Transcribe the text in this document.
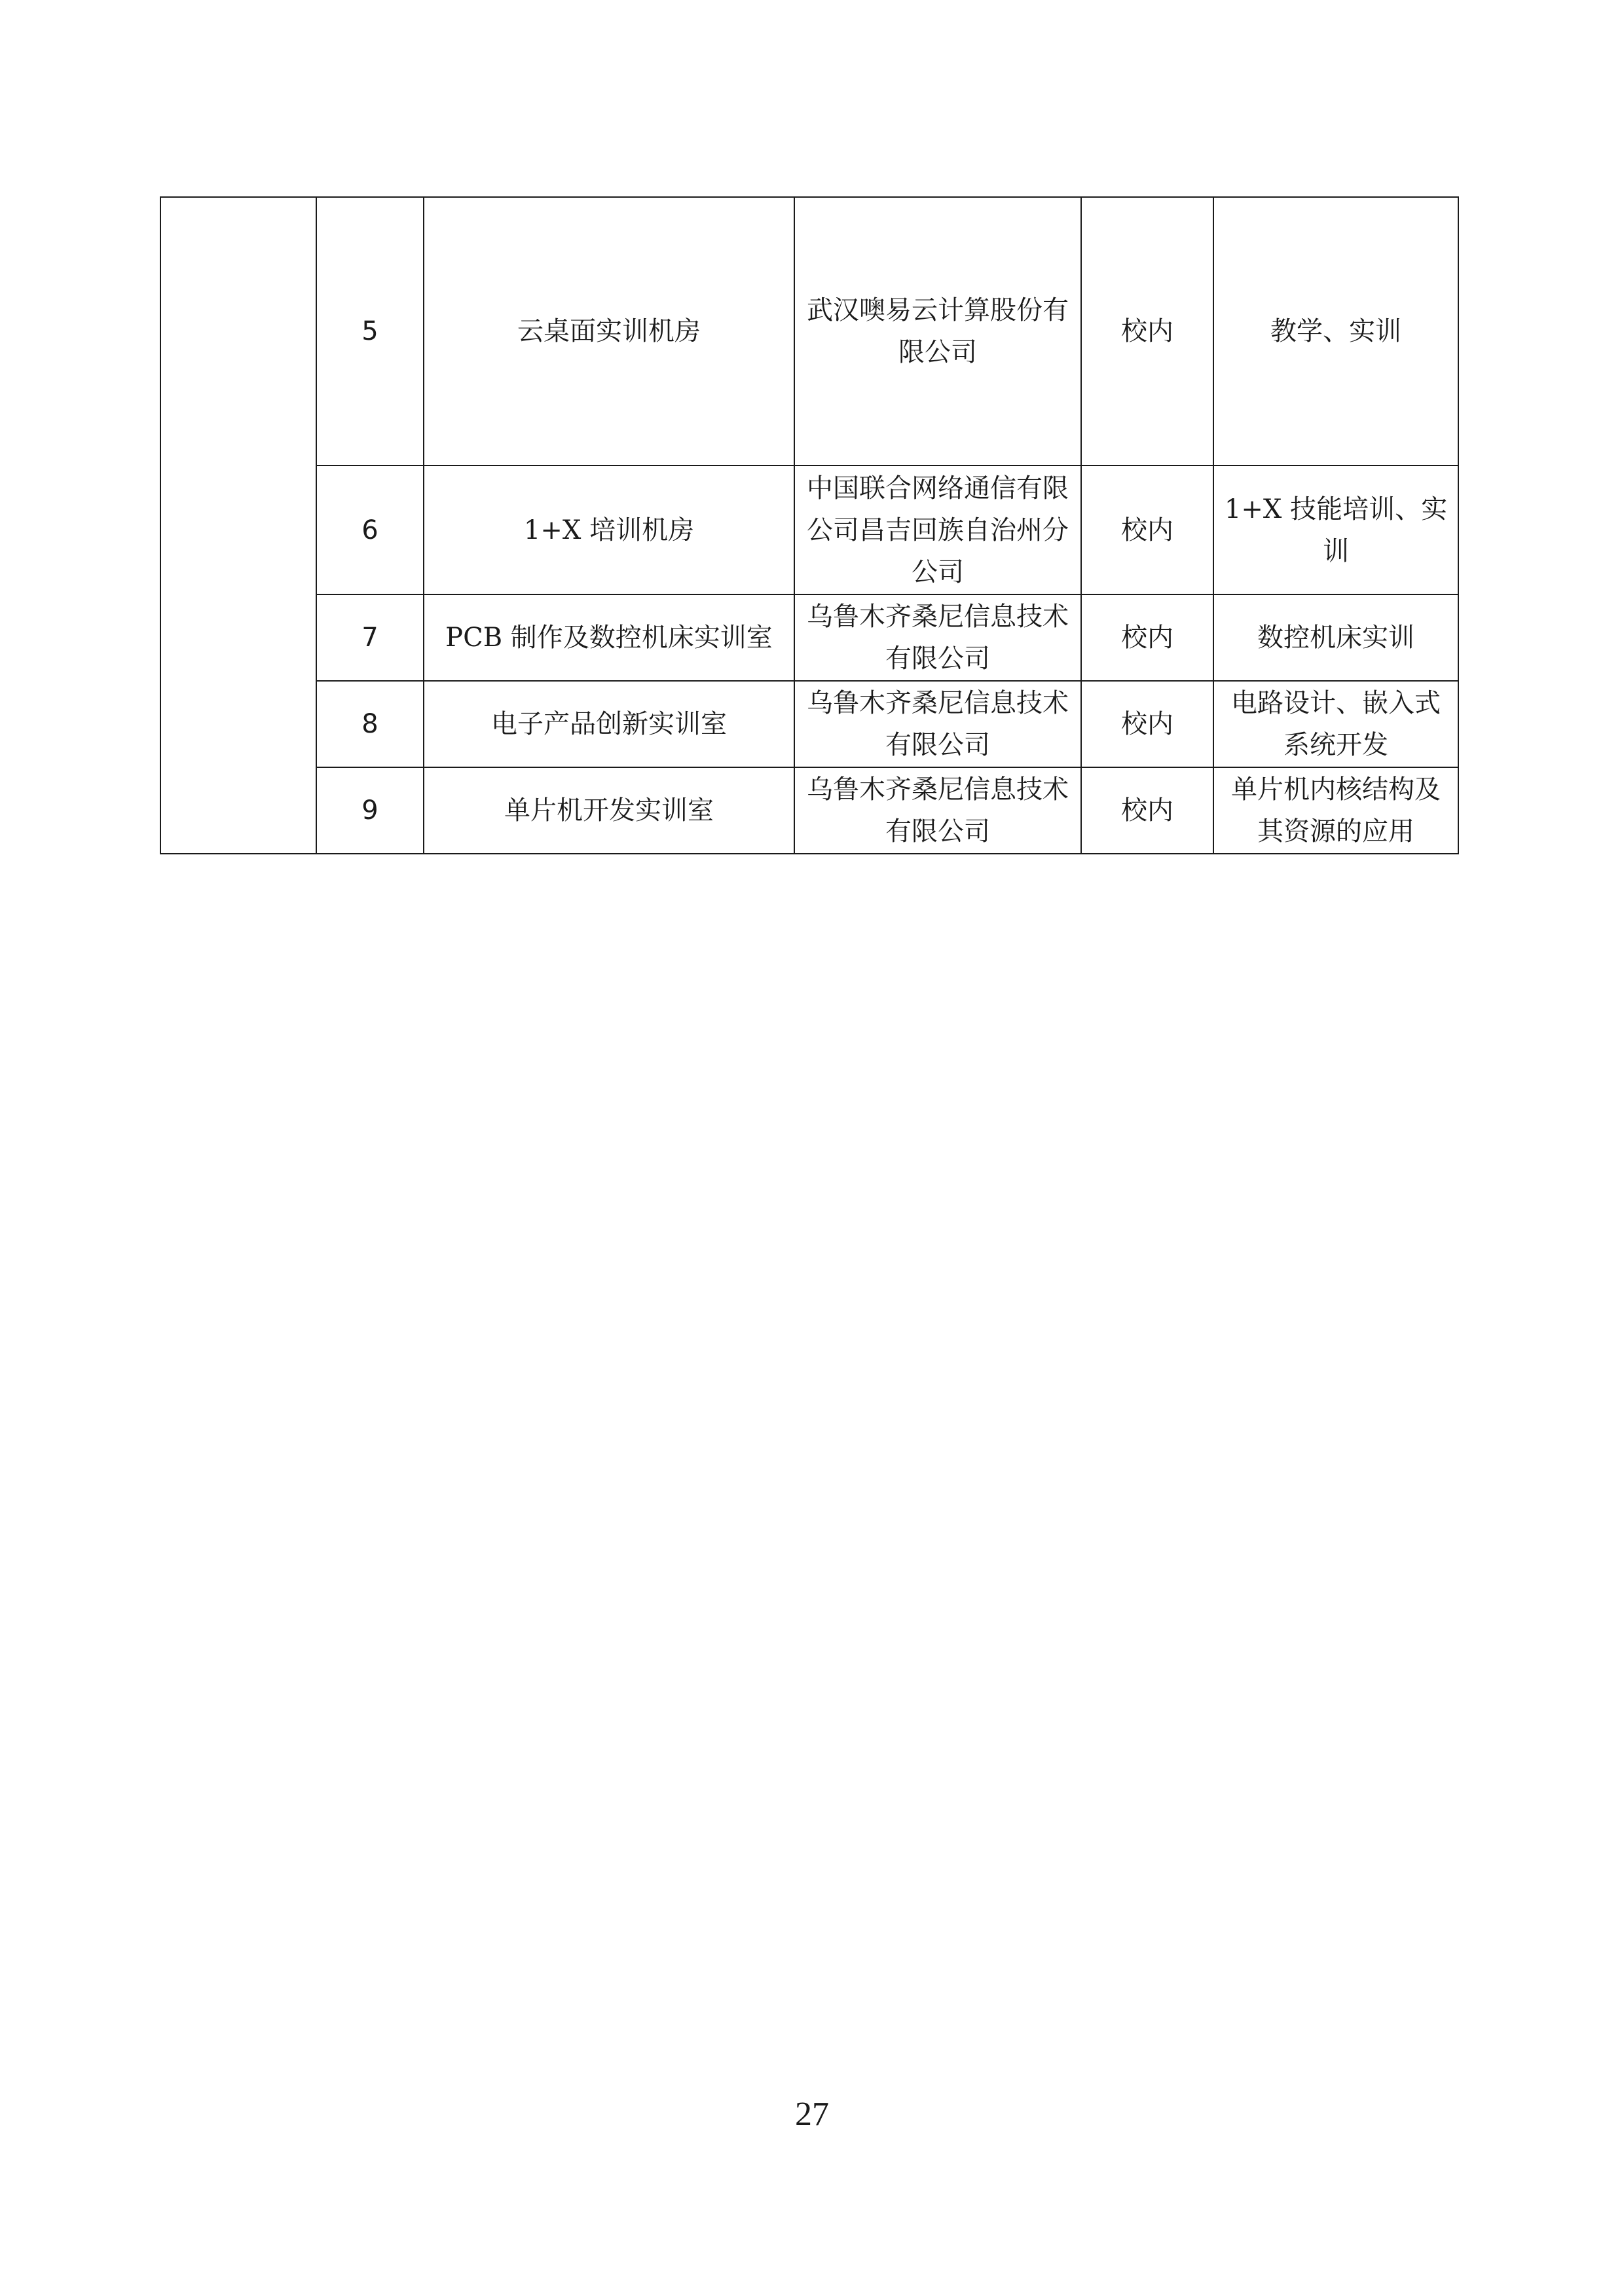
	5	云桌面实训机房	武汉噢易云计算股份有限公司	校内	教学、实训
	6	1+X 培训机房	中国联合网络通信有限公司昌吉回族自治州分公司	校内	1+X 技能培训、实训
	7	PCB 制作及数控机床实训室	乌鲁木齐桑尼信息技术有限公司	校内	数控机床实训
	8	电子产品创新实训室	乌鲁木齐桑尼信息技术有限公司	校内	电路设计、嵌入式系统开发
	9	单片机开发实训室	乌鲁木齐桑尼信息技术有限公司	校内	单片机内核结构及其资源的应用
27
